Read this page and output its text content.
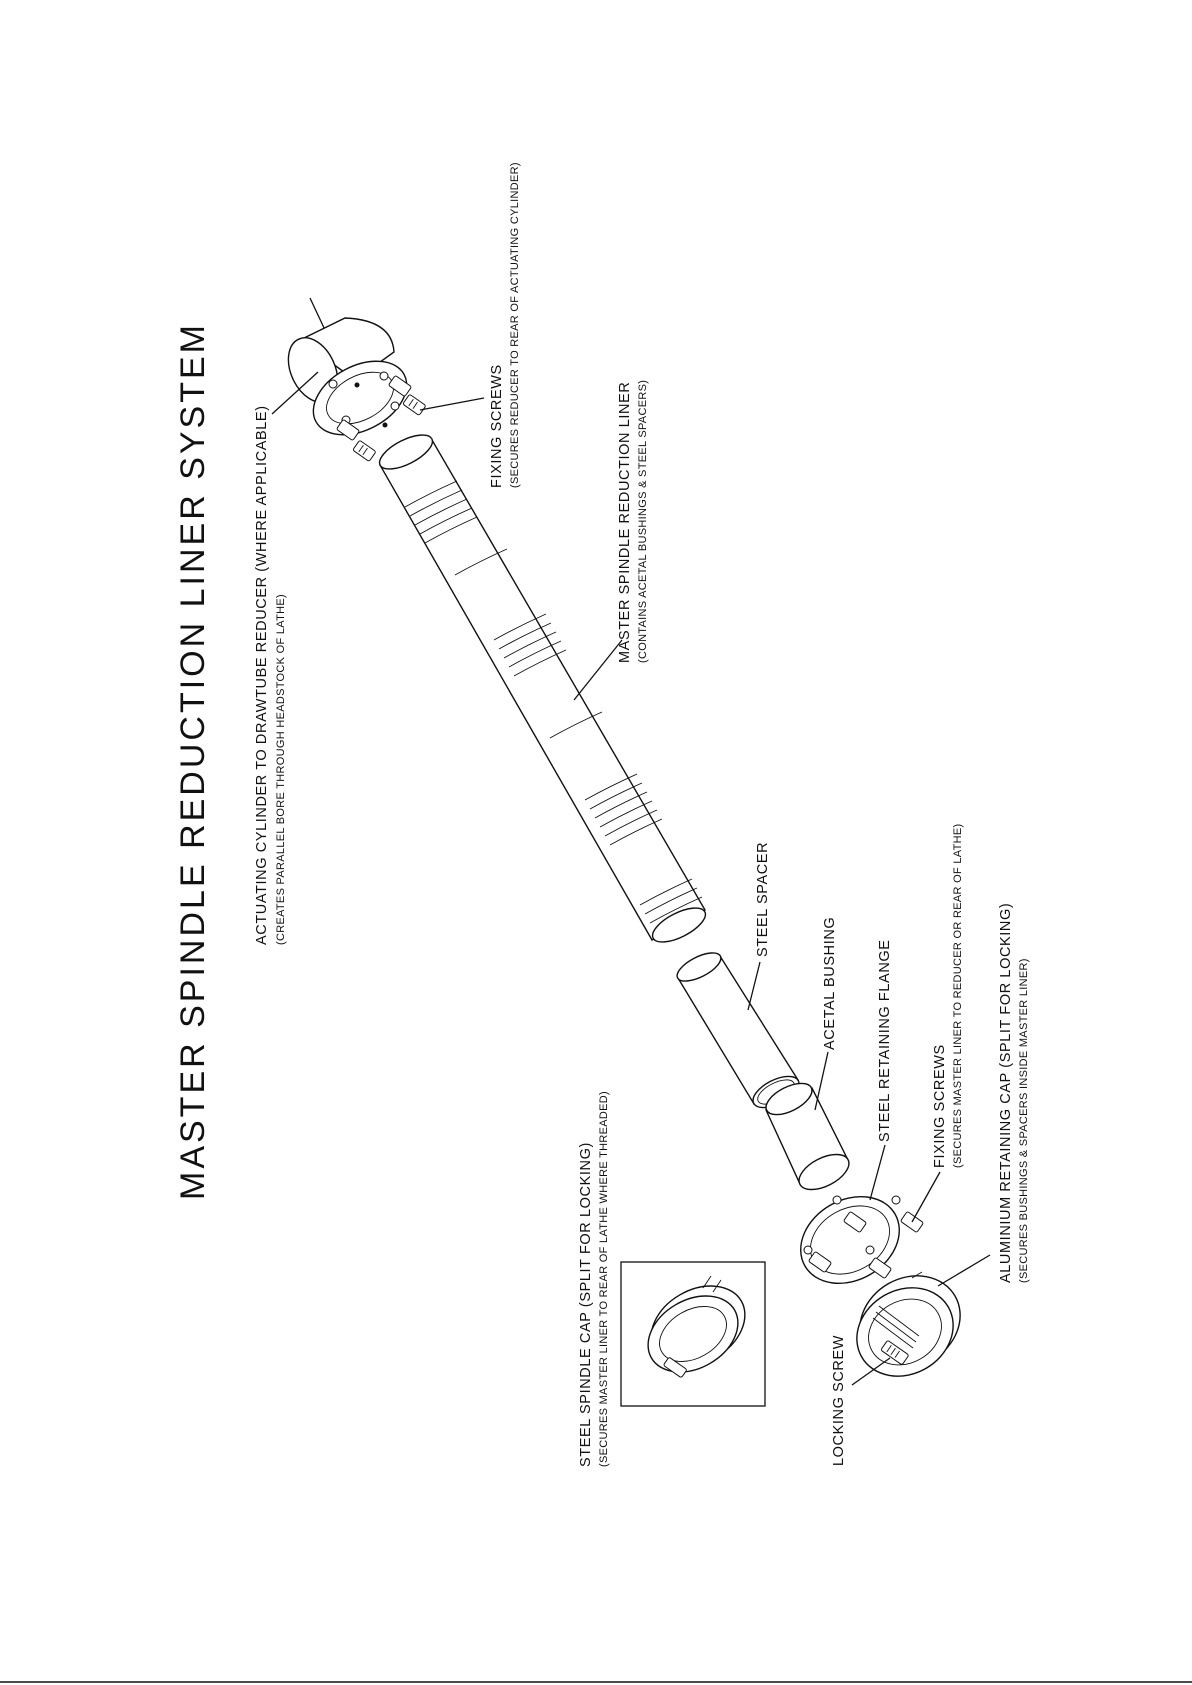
MASTER SPINDLE REDUCTION LINER SYSTEM	ACTUATING CYLINDER TO DRAWTUBE REDUCER (WHERE APPLICABLE) (CREATES PARALLEL BORE THROUGH HEADSTOCK OF LATHE)
FIXING SCREWS (SECURES REDUCER TO REAR OF ACTUATING CYLINDER)
MASTER SPINDLE REDUCTION LINER (CONTAINS ACETAL BUSHINGS & STEEL SPACERS)
STEEL SPACER
ACETAL BUSHING	STEEL RETAINING FLANGE	FIXING SCREWS (SECURES MASTER LINER TO REDUCER OR REAR OF LATHE) ALUMINIUM RETAINING CAP (SPLIT FOR LOCKING) (SECURES BUSHINGS & SPACERS INSIDE MASTER LINER)
STEEL SPINDLE CAP (SPLIT FOR LOCKING) (SECURES MASTER LINER TO REAR OF LATHE WHERE THREADED)	LOCKING SCREW
